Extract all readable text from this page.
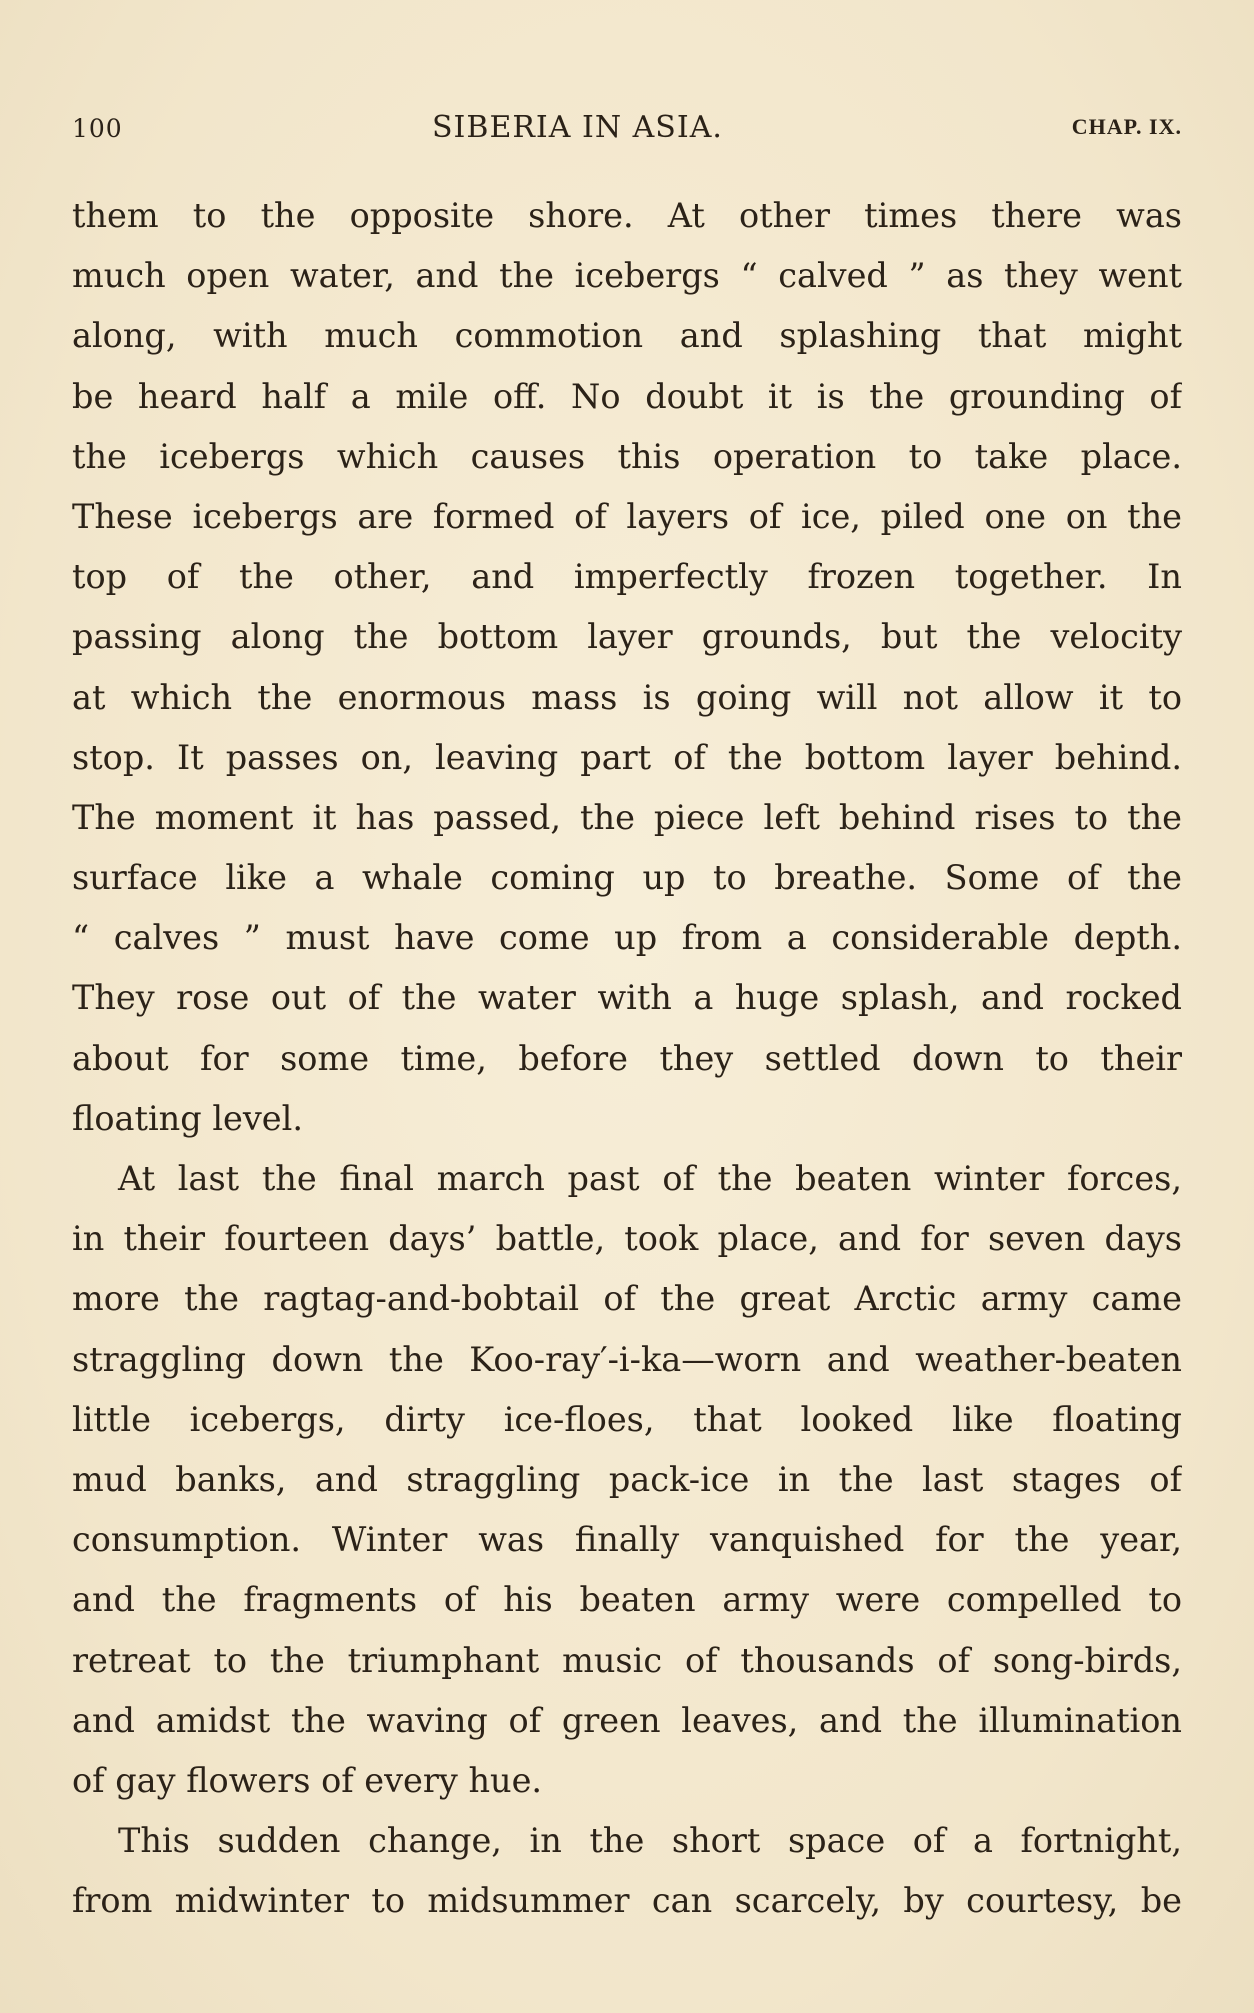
100	SIBERIA IN ASIA.	CHAP. IX.
them to the opposite shore. At other times there was
much open water, and the icebergs “ calved ” as they went
along, with much commotion and splashing that might
be heard half a mile off. No doubt it is the grounding of
the icebergs which causes this operation to take place.
These icebergs are formed of layers of ice, piled one on the
top of the other, and imperfectly frozen together. In
passing along the bottom layer grounds, but the velocity
at which the enormous mass is going will not allow it to
stop. It passes on, leaving part of the bottom layer behind.
The moment it has passed, the piece left behind rises to the
surface like a whale coming up to breathe. Some of the
“ calves ” must have come up from a considerable depth.
They rose out of the water with a huge splash, and rocked
about for some time, before they settled down to their
floating level.
At last the final march past of the beaten winter forces,
in their fourteen days’ battle, took place, and for seven days
more the ragtag-and-bobtail of the great Arctic army came
straggling down the Koo-ray′-i-ka—worn and weather-beaten
little icebergs, dirty ice-floes, that looked like floating
mud banks, and straggling pack-ice in the last stages of
consumption. Winter was finally vanquished for the year,
and the fragments of his beaten army were compelled to
retreat to the triumphant music of thousands of song-birds,
and amidst the waving of green leaves, and the illumination
of gay flowers of every hue.
This sudden change, in the short space of a fortnight,
from midwinter to midsummer can scarcely, by courtesy, be
